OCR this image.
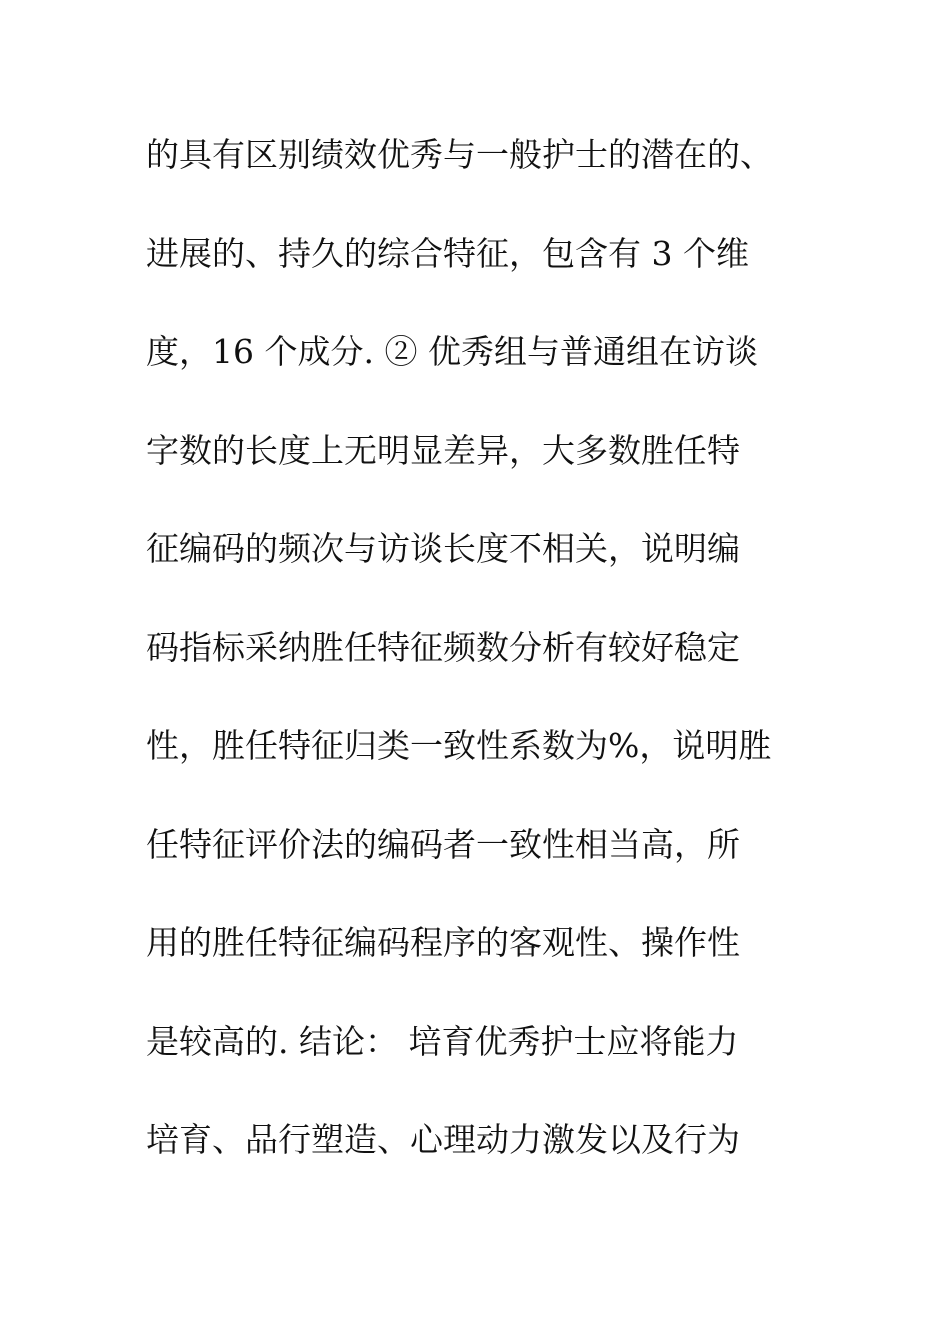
的具有区别绩效优秀与一般护士的潜在的、
进展的、持久的综合特征，包含有 3 个维
度，16 个成分. ② 优秀组与普通组在访谈
字数的长度上无明显差异，大多数胜任特
征编码的频次与访谈长度不相关，说明编
码指标采纳胜任特征频数分析有较好稳定
性，胜任特征归类一致性系数为%，说明胜
任特征评价法的编码者一致性相当高，所
用的胜任特征编码程序的客观性、操作性
是较高的. 结论： 培育优秀护士应将能力
培育、品行塑造、心理动力激发以及行为
